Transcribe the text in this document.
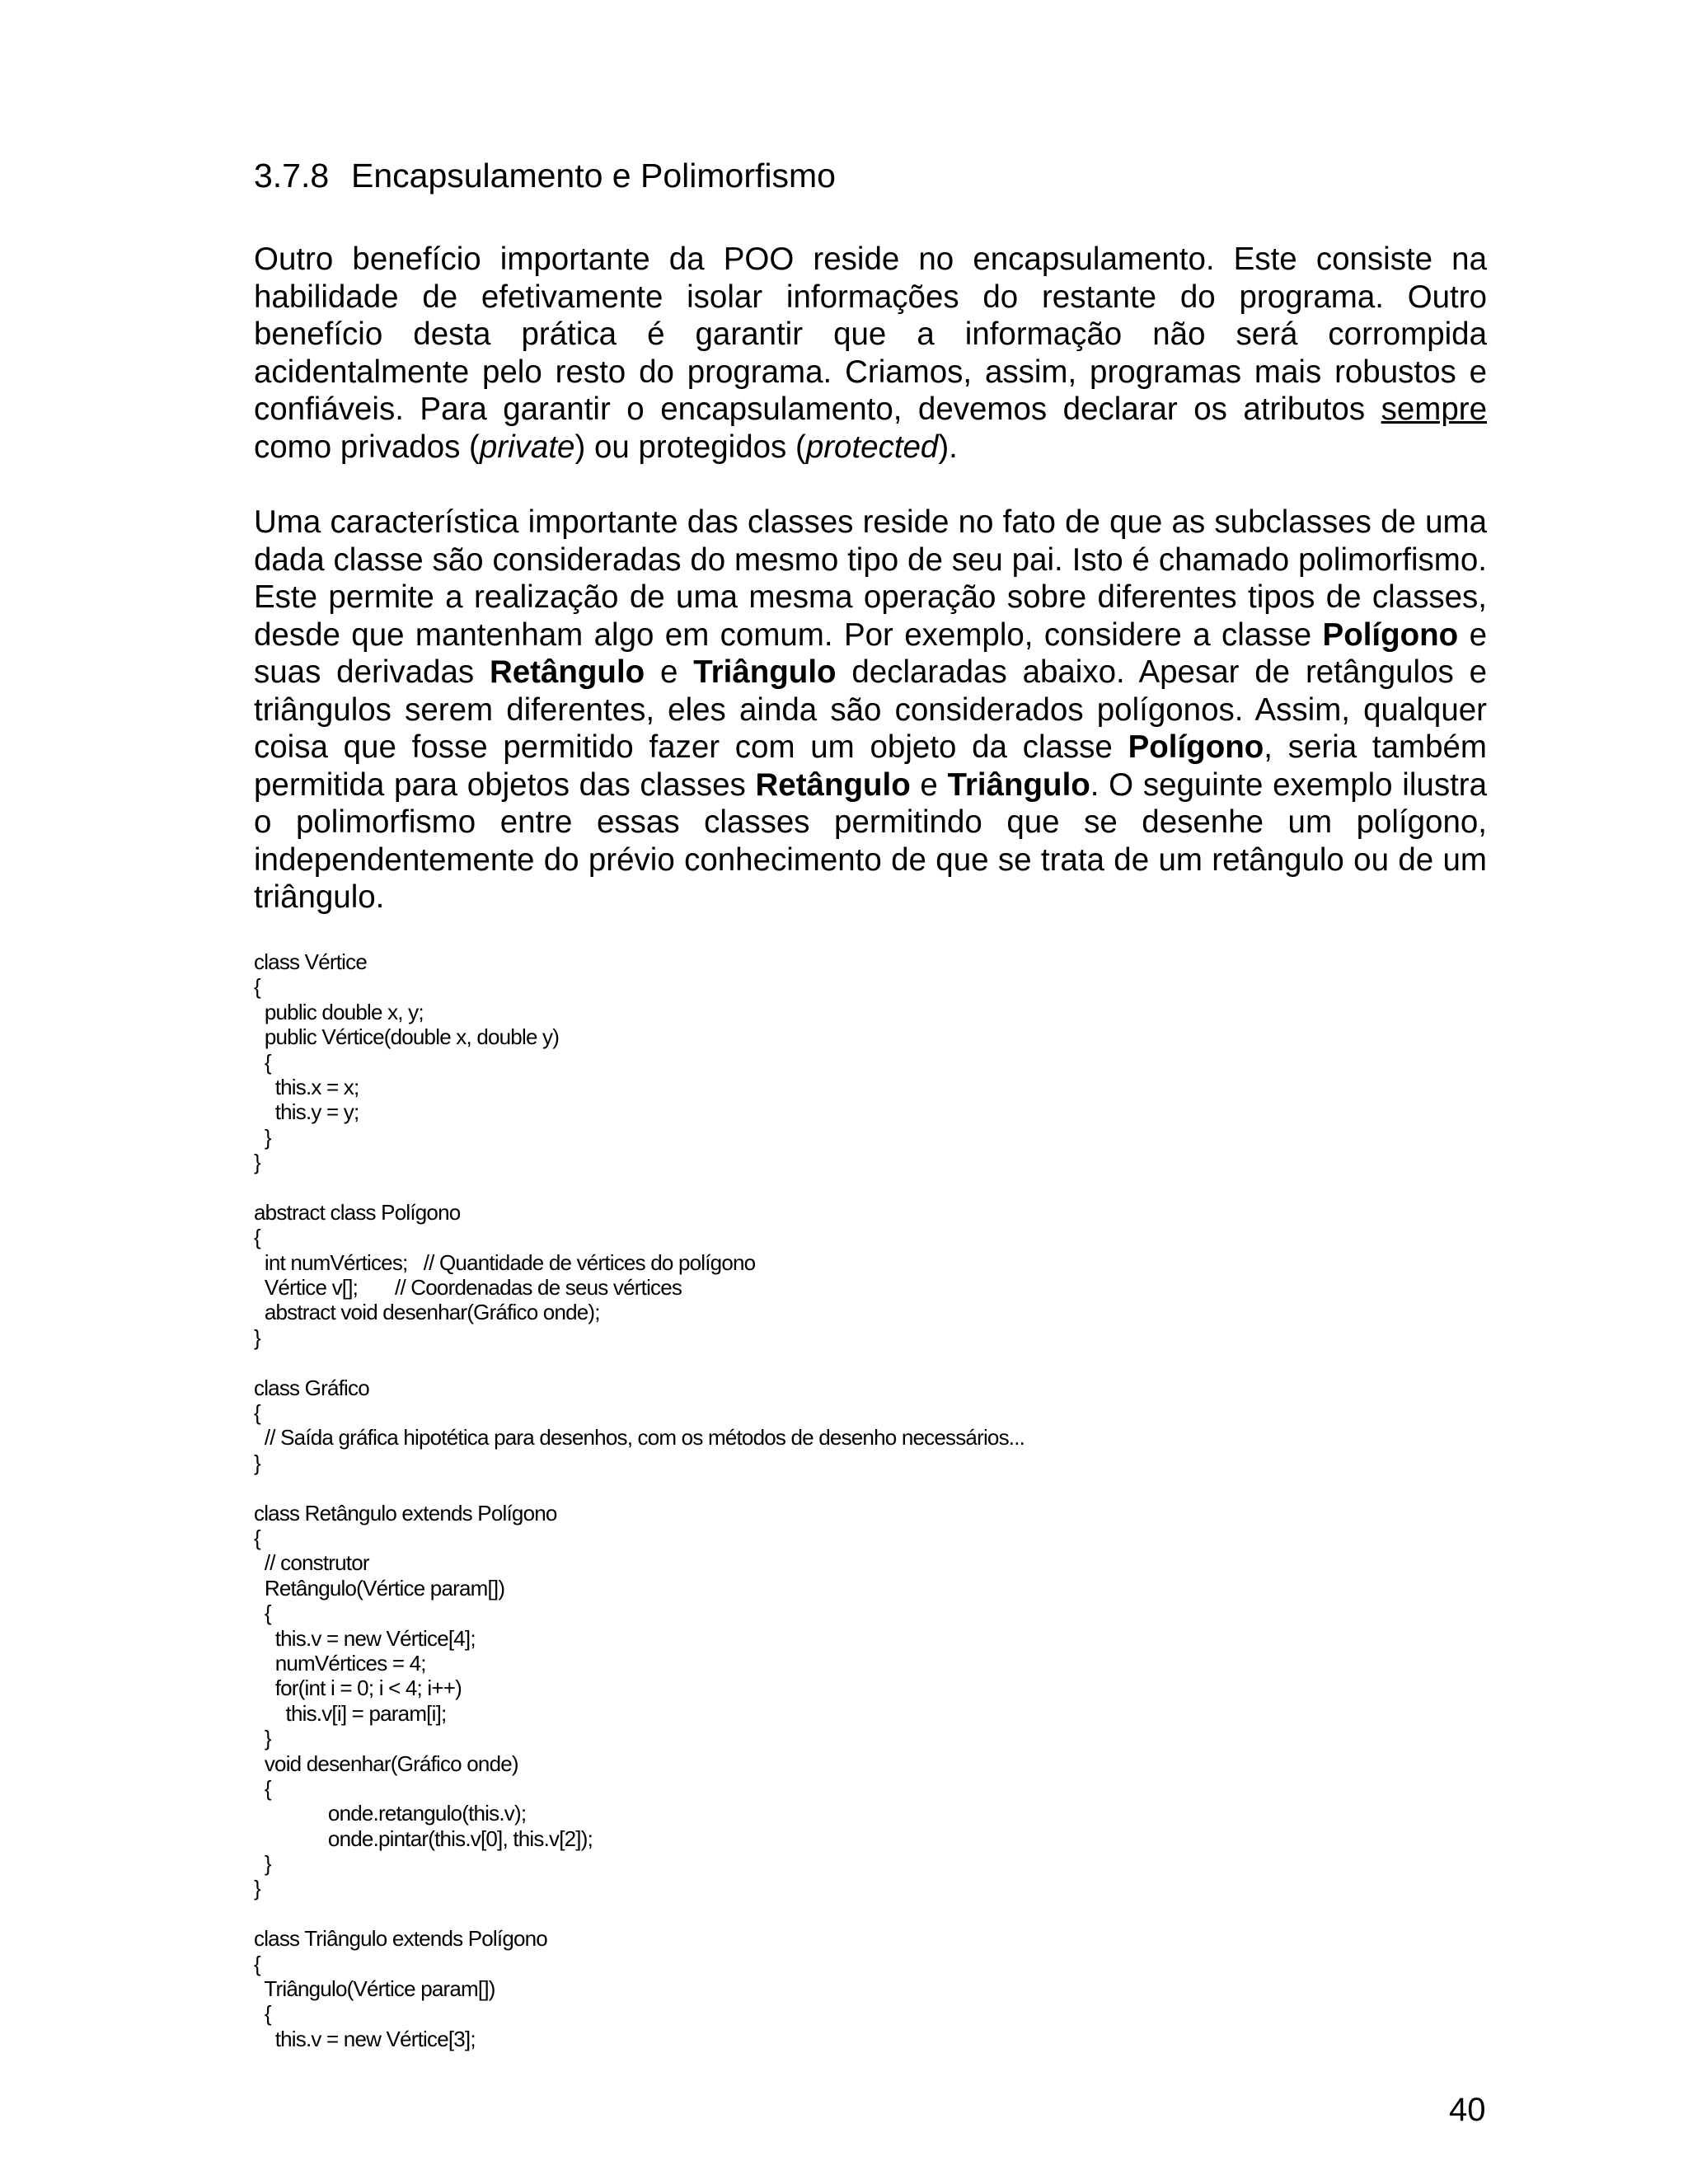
3.7.8 Encapsulamento e Polimorfismo

Outro benefício importante da POO reside no encapsulamento. Este consiste na habilidade de efetivamente isolar informações do restante do programa. Outro benefício desta prática é garantir que a informação não será corrompida acidentalmente pelo resto do programa. Criamos, assim, programas mais robustos e confiáveis. Para garantir o encapsulamento, devemos declarar os atributos sempre como privados (private) ou protegidos (protected).

Uma característica importante das classes reside no fato de que as subclasses de uma dada classe são consideradas do mesmo tipo de seu pai. Isto é chamado polimorfismo. Este permite a realização de uma mesma operação sobre diferentes tipos de classes, desde que mantenham algo em comum. Por exemplo, considere a classe Polígono e suas derivadas Retângulo e Triângulo declaradas abaixo. Apesar de retângulos e triângulos serem diferentes, eles ainda são considerados polígonos. Assim, qualquer coisa que fosse permitido fazer com um objeto da classe Polígono, seria também permitida para objetos das classes Retângulo e Triângulo. O seguinte exemplo ilustra o polimorfismo entre essas classes permitindo que se desenhe um polígono, independentemente do prévio conhecimento de que se trata de um retângulo ou de um triângulo.

class Vértice
{
public double x, y;
public Vértice(double x, double y)
{
this.x = x;
this.y = y;
}
}
abstract class Polígono
{
int numVértices;   // Quantidade de vértices do polígono
Vértice v[];       // Coordenadas de seus vértices
abstract void desenhar(Gráfico onde);
}
class Gráfico
{
// Saída gráfica hipotética para desenhos, com os métodos de desenho necessários...
}
class Retângulo extends Polígono
{
// construtor
Retângulo(Vértice param[])
{
this.v = new Vértice[4];
numVértices = 4;
for(int i = 0; i < 4; i++)
this.v[i] = param[i];
}
void desenhar(Gráfico onde)
{
onde.retangulo(this.v);
onde.pintar(this.v[0], this.v[2]);
}
}
class Triângulo extends Polígono
{
Triângulo(Vértice param[])
{
this.v = new Vértice[3];
40
